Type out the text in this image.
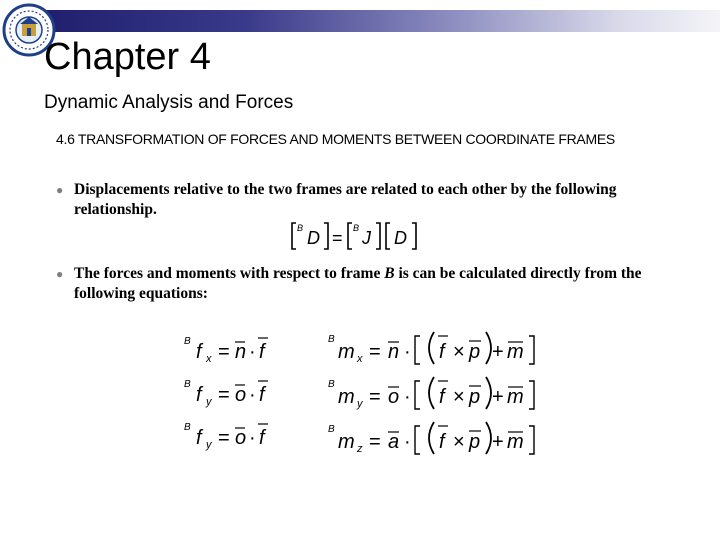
Chapter 4
Dynamic Analysis and Forces
4.6 TRANSFORMATION OF FORCES AND MOMENTS BETWEEN COORDINATE FRAMES
● Displacements relative to the two frames are related to each other by the following relationship.
B D = B J D
● The forces and moments with respect to frame B is can be calculated directly from the following equations:
B f x = n · f
B f y = o · f
B f y = o · f
B
m x = n · f × p + m
B
m y = o · f × p + m
B
m z = a · f × p + m
